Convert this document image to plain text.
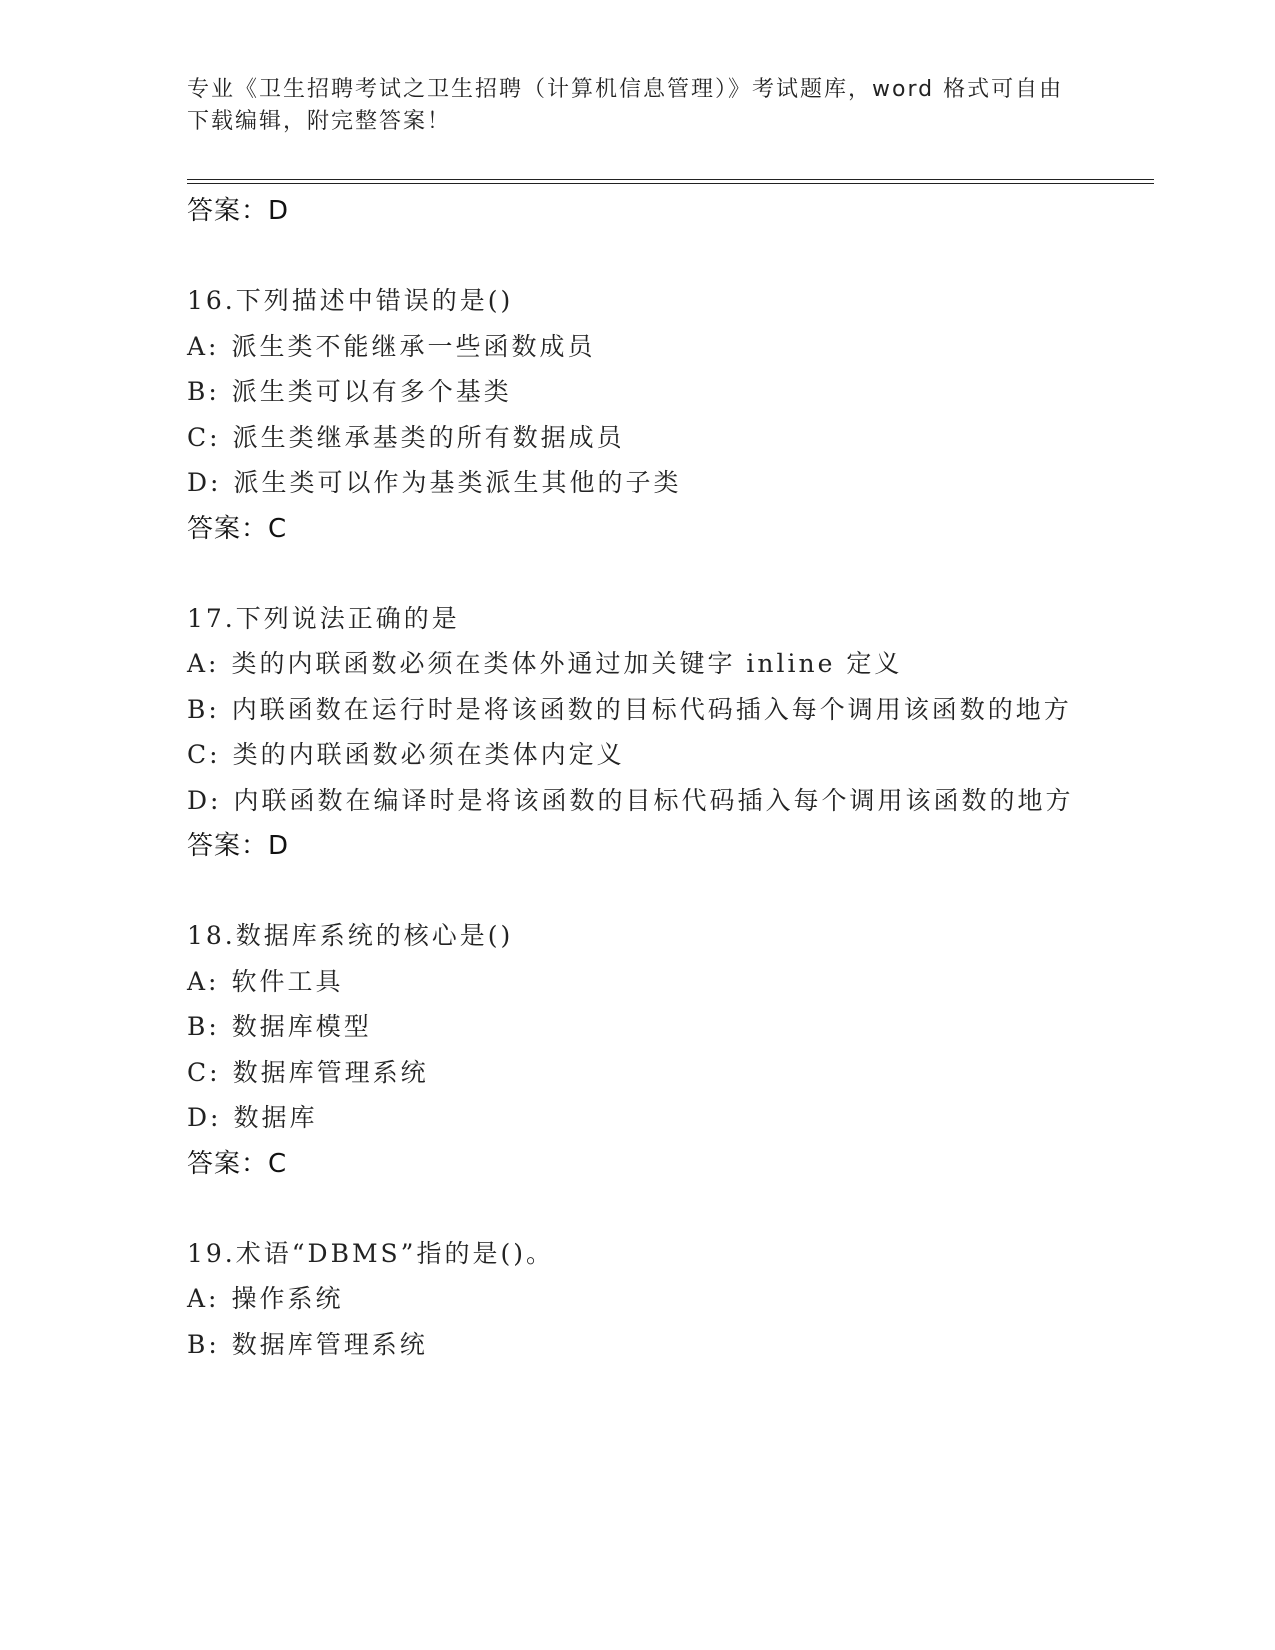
专业《卫生招聘考试之卫生招聘（计算机信息管理）》考试题库，word 格式可自由下载编辑，附完整答案！
答案：D
16.下列描述中错误的是()
A: 派生类不能继承一些函数成员
B: 派生类可以有多个基类
C: 派生类继承基类的所有数据成员
D: 派生类可以作为基类派生其他的子类
答案：C
17.下列说法正确的是
A: 类的内联函数必须在类体外通过加关键字 inline 定义
B: 内联函数在运行时是将该函数的目标代码插入每个调用该函数的地方
C: 类的内联函数必须在类体内定义
D: 内联函数在编译时是将该函数的目标代码插入每个调用该函数的地方
答案：D
18.数据库系统的核心是()
A: 软件工具
B: 数据库模型
C: 数据库管理系统
D: 数据库
答案：C
19.术语“DBMS”指的是()。
A: 操作系统
B: 数据库管理系统
